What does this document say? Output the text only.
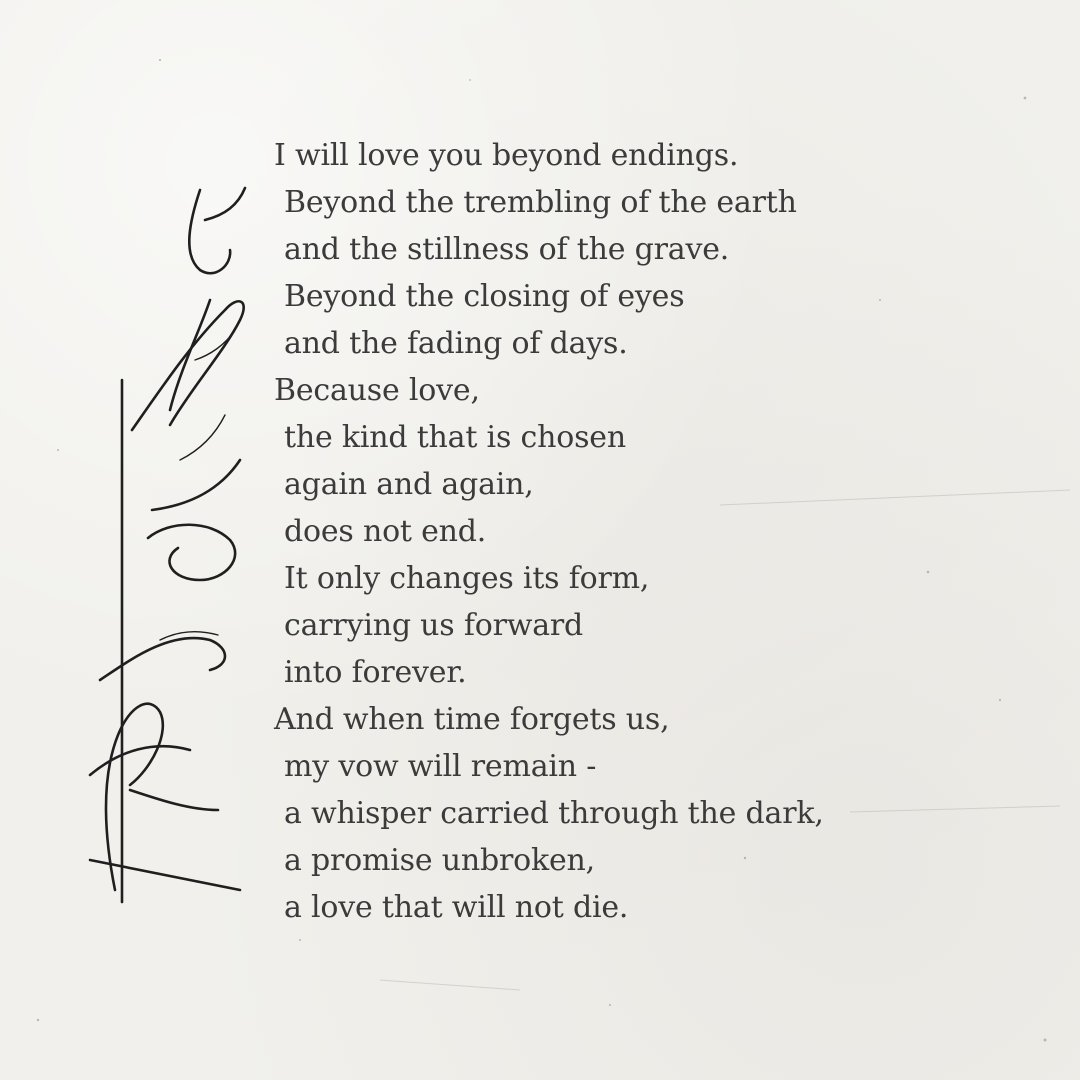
I will love you beyond endings.
Beyond the trembling of the earth
and the stillness of the grave.
Beyond the closing of eyes
and the fading of days.
Because love,
the kind that is chosen
again and again,
does not end.
It only changes its form,
carrying us forward
into forever.
And when time forgets us,
my vow will remain -
a whisper carried through the dark,
a promise unbroken,
a love that will not die.
